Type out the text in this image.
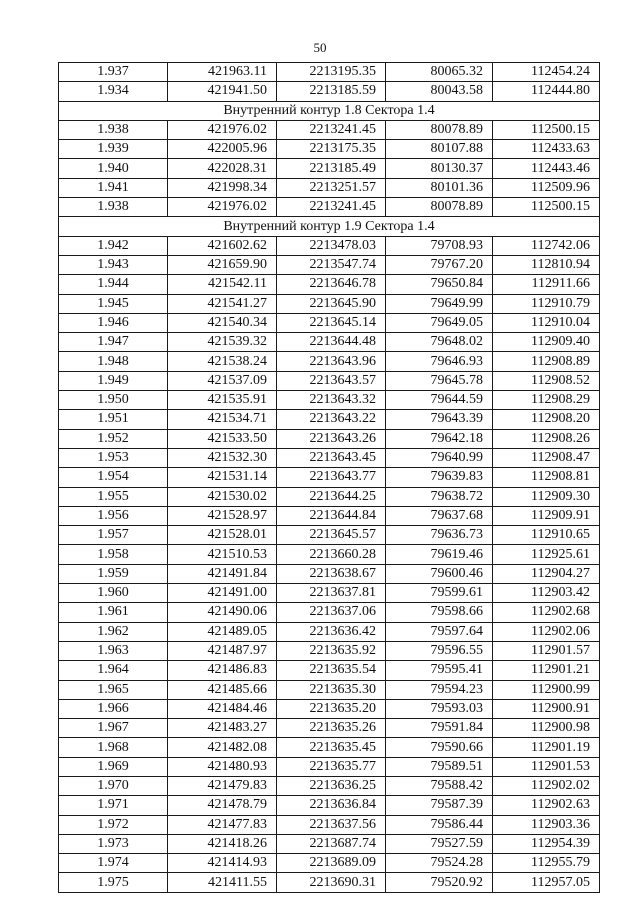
50
1.937	421963.11	2213195.35	80065.32	112454.24
1.934	421941.50	2213185.59	80043.58	112444.80
Внутренний контур 1.8 Сектора 1.4				
1.938	421976.02	2213241.45	80078.89	112500.15
1.939	422005.96	2213175.35	80107.88	112433.63
1.940	422028.31	2213185.49	80130.37	112443.46
1.941	421998.34	2213251.57	80101.36	112509.96
1.938	421976.02	2213241.45	80078.89	112500.15
Внутренний контур 1.9 Сектора 1.4				
1.942	421602.62	2213478.03	79708.93	112742.06
1.943	421659.90	2213547.74	79767.20	112810.94
1.944	421542.11	2213646.78	79650.84	112911.66
1.945	421541.27	2213645.90	79649.99	112910.79
1.946	421540.34	2213645.14	79649.05	112910.04
1.947	421539.32	2213644.48	79648.02	112909.40
1.948	421538.24	2213643.96	79646.93	112908.89
1.949	421537.09	2213643.57	79645.78	112908.52
1.950	421535.91	2213643.32	79644.59	112908.29
1.951	421534.71	2213643.22	79643.39	112908.20
1.952	421533.50	2213643.26	79642.18	112908.26
1.953	421532.30	2213643.45	79640.99	112908.47
1.954	421531.14	2213643.77	79639.83	112908.81
1.955	421530.02	2213644.25	79638.72	112909.30
1.956	421528.97	2213644.84	79637.68	112909.91
1.957	421528.01	2213645.57	79636.73	112910.65
1.958	421510.53	2213660.28	79619.46	112925.61
1.959	421491.84	2213638.67	79600.46	112904.27
1.960	421491.00	2213637.81	79599.61	112903.42
1.961	421490.06	2213637.06	79598.66	112902.68
1.962	421489.05	2213636.42	79597.64	112902.06
1.963	421487.97	2213635.92	79596.55	112901.57
1.964	421486.83	2213635.54	79595.41	112901.21
1.965	421485.66	2213635.30	79594.23	112900.99
1.966	421484.46	2213635.20	79593.03	112900.91
1.967	421483.27	2213635.26	79591.84	112900.98
1.968	421482.08	2213635.45	79590.66	112901.19
1.969	421480.93	2213635.77	79589.51	112901.53
1.970	421479.83	2213636.25	79588.42	112902.02
1.971	421478.79	2213636.84	79587.39	112902.63
1.972	421477.83	2213637.56	79586.44	112903.36
1.973	421418.26	2213687.74	79527.59	112954.39
1.974	421414.93	2213689.09	79524.28	112955.79
1.975	421411.55	2213690.31	79520.92	112957.05
